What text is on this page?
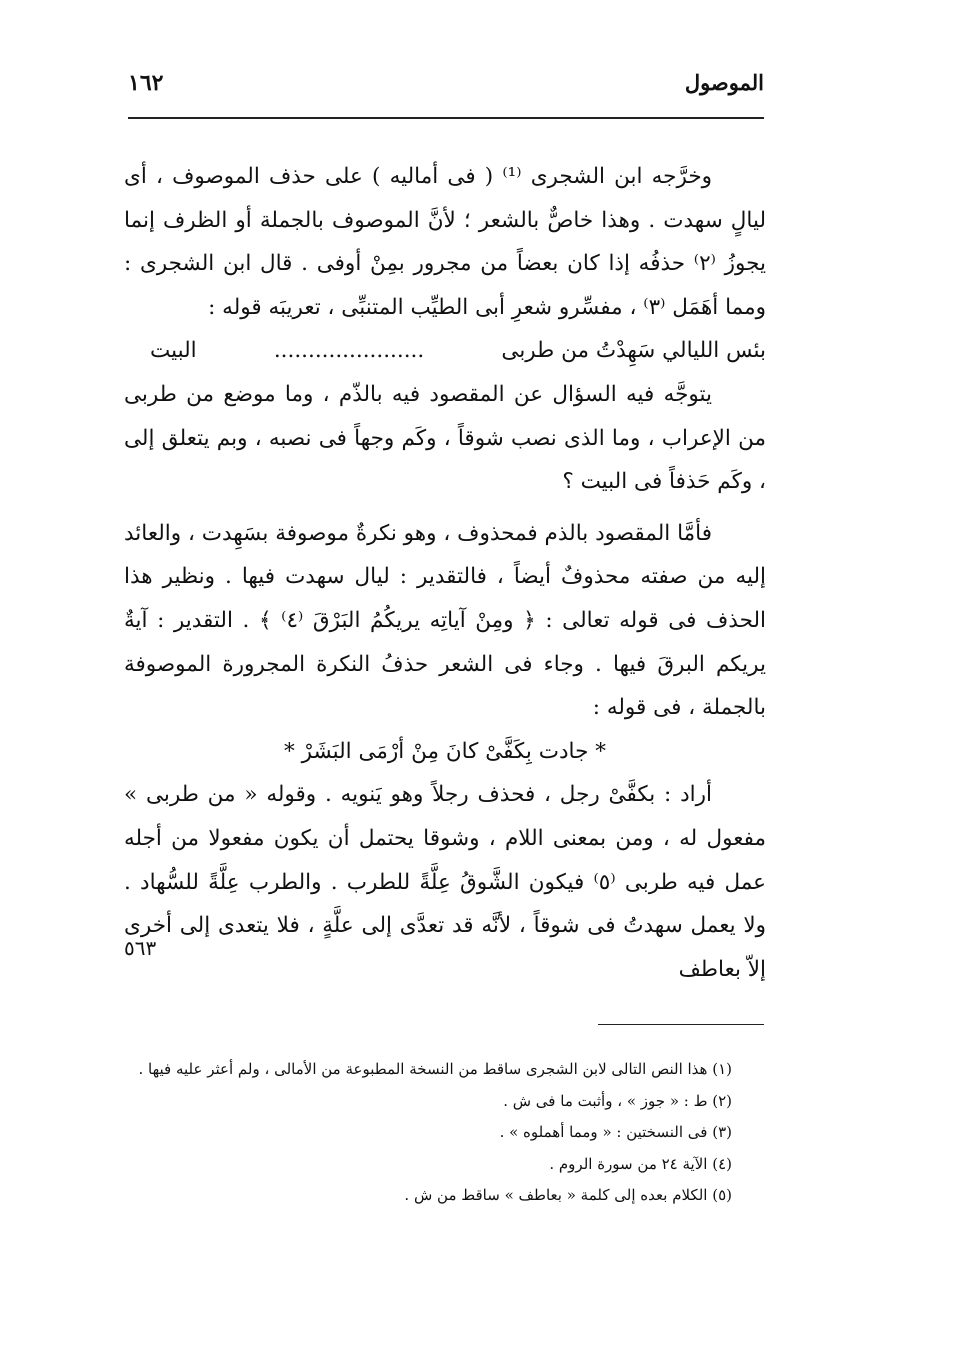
الموصول
١٦٢

وخرَّجه ابن الشجرى ⁽¹⁾ ( فى أماليه ) على حذف الموصوف ، أى ليالٍ سهدت . وهذا خاصٌّ بالشعر ؛ لأنَّ الموصوف بالجملة أو الظرف إنما يجوزُ ⁽٢⁾ حذفُه إذا كان بعضاً من مجرور بمِنْ أوفى . قال ابن الشجرى : ومما أهَمَل ⁽٣⁾ ، مفسِّرو شعرِ أبى الطيِّب المتنبِّى ، تعريبَه قوله :

بئس الليالي سَهِدْتُ من طربى
......................
البيت

يتوجَّه فيه السؤال عن المقصود فيه بالذّم ، وما موضع من طربى من الإعراب ، وما الذى نصب شوقاً ، وكَم وجهاً فى نصبه ، وبم يتعلق إلى ، وكَم حَذفاً فى البيت ؟

فأمَّا المقصود بالذم فمحذوف ، وهو نكرةٌ موصوفة بسَهِدت ، والعائد إليه من صفته محذوفٌ أيضاً ، فالتقدير : ليال سهدت فيها . ونظير هذا الحذف فى قوله تعالى : ﴿ ومِنْ آياتِه يريكُمُ البَرْقَ ⁽٤⁾ ﴾ . التقدير : آيةٌ يريكم البرقَ فيها . وجاء فى الشعر حذفُ النكرة المجرورة الموصوفة بالجملة ، فى قوله :

* جادت بِكَفَّىْ كانَ مِنْ أرْمَى البَشَرْ *

أراد : بكفَّىْ رجل ، فحذف رجلاً وهو يَنويه . وقوله « من طربى » مفعول له ، ومن بمعنى اللام ، وشوقا يحتمل أن يكون مفعولا من أجله عمل فيه طربى ⁽٥⁾ فيكون الشَّوقُ عِلَّةً للطرب . والطرب عِلَّةً للسُّهاد . ولا يعمل سهدتُ فى شوقاً ، لأنَّه قد تعدَّى إلى علَّةٍ ، فلا يتعدى إلى أخرى إلاّ بعاطف

٥٦٣
(١) هذا النص التالى لابن الشجرى ساقط من النسخة المطبوعة من الأمالى ، ولم أعثر عليه فيها .
(٢) ط : « جوز » ، وأثبت ما فى ش .
(٣) فى النسختين : « ومما أهملوه » .
(٤) الآية ٢٤ من سورة الروم .
(٥) الكلام بعده إلى كلمة « بعاطف » ساقط من ش .
